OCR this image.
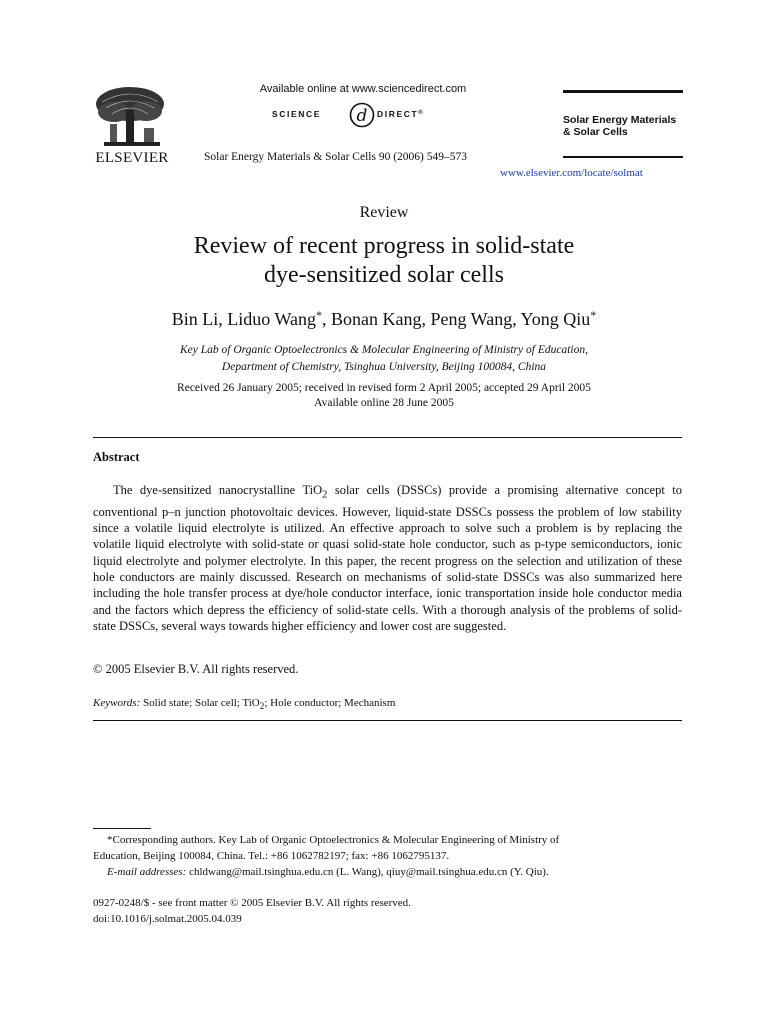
ELSEVIER
Available online at www.sciencedirect.com
SCIENCE d DIRECT®
Solar Energy Materials & Solar Cells 90 (2006) 549–573
Solar Energy Materials
& Solar Cells
www.elsevier.com/locate/solmat
Review
Review of recent progress in solid-state
dye-sensitized solar cells
Bin Li, Liduo Wang*, Bonan Kang, Peng Wang, Yong Qiu*
Key Lab of Organic Optoelectronics & Molecular Engineering of Ministry of Education,
Department of Chemistry, Tsinghua University, Beijing 100084, China
Received 26 January 2005; received in revised form 2 April 2005; accepted 29 April 2005
Available online 28 June 2005
Abstract

The dye-sensitized nanocrystalline TiO$_2$ solar cells (DSSCs) provide a promising alternative concept to conventional p–n junction photovoltaic devices. However, liquid-state DSSCs possess the problem of low stability since a volatile liquid electrolyte is utilized. An effective approach to solve such a problem is by replacing the volatile liquid electrolyte with solid-state or quasi solid-state hole conductor, such as p-type semiconductors, ionic liquid electrolyte and polymer electrolyte. In this paper, the recent progress on the selection and utilization of these hole conductors are mainly discussed. Research on mechanisms of solid-state DSSCs was also summarized here including the hole transfer process at dye/hole conductor interface, ionic transportation inside hole conductor media and the factors which depress the efficiency of solid-state cells. With a thorough analysis of the problems of solid-state DSSCs, several ways towards higher efficiency and lower cost are suggested.

© 2005 Elsevier B.V. All rights reserved.
Keywords: Solid state; Solar cell; TiO$_2$; Hole conductor; Mechanism
*Corresponding authors. Key Lab of Organic Optoelectronics & Molecular Engineering of Ministry of
Education, Beijing 100084, China. Tel.: +86 1062782197; fax: +86 1062795137.
E-mail addresses: chldwang@mail.tsinghua.edu.cn (L. Wang), qiuy@mail.tsinghua.edu.cn (Y. Qiu).
0927-0248/$ - see front matter © 2005 Elsevier B.V. All rights reserved.
doi:10.1016/j.solmat.2005.04.039
